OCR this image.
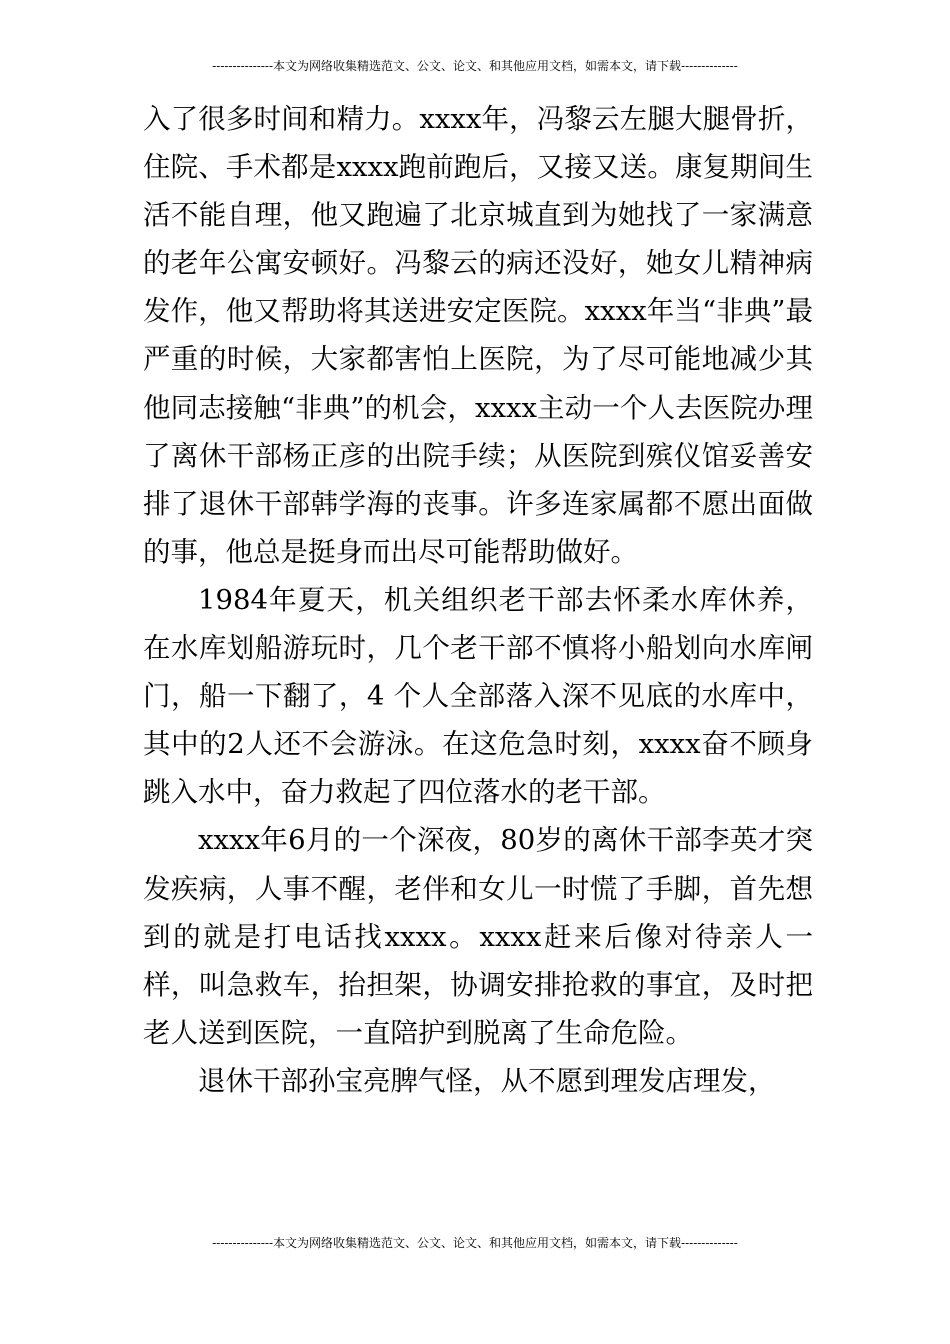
---------------本文为网络收集精选范文、公文、论文、和其他应用文档，如需本文，请下载--------------

入了很多时间和精力。xxxx年，冯黎云左腿大腿骨折，住院、手术都是xxxx跑前跑后，又接又送。康复期间生活不能自理，他又跑遍了北京城直到为她找了一家满意的老年公寓安顿好。冯黎云的病还没好，她女儿精神病发作，他又帮助将其送进安定医院。xxxx年当“非典”最严重的时候，大家都害怕上医院，为了尽可能地减少其他同志接触“非典”的机会，xxxx主动一个人去医院办理了离休干部杨正彦的出院手续；从医院到殡仪馆妥善安排了退休干部韩学海的丧事。许多连家属都不愿出面做的事，他总是挺身而出尽可能帮助做好。

1984年夏天，机关组织老干部去怀柔水库休养，在水库划船游玩时，几个老干部不慎将小船划向水库闸门，船一下翻了，4 个人全部落入深不见底的水库中，其中的2人还不会游泳。在这危急时刻，xxxx奋不顾身跳入水中，奋力救起了四位落水的老干部。

xxxx年6月的一个深夜，80岁的离休干部李英才突发疾病，人事不醒，老伴和女儿一时慌了手脚，首先想到的就是打电话找xxxx。xxxx赶来后像对待亲人一样，叫急救车，抬担架，协调安排抢救的事宜，及时把老人送到医院，一直陪护到脱离了生命危险。

退休干部孙宝亮脾气怪，从不愿到理发店理发，

---------------本文为网络收集精选范文、公文、论文、和其他应用文档，如需本文，请下载--------------
